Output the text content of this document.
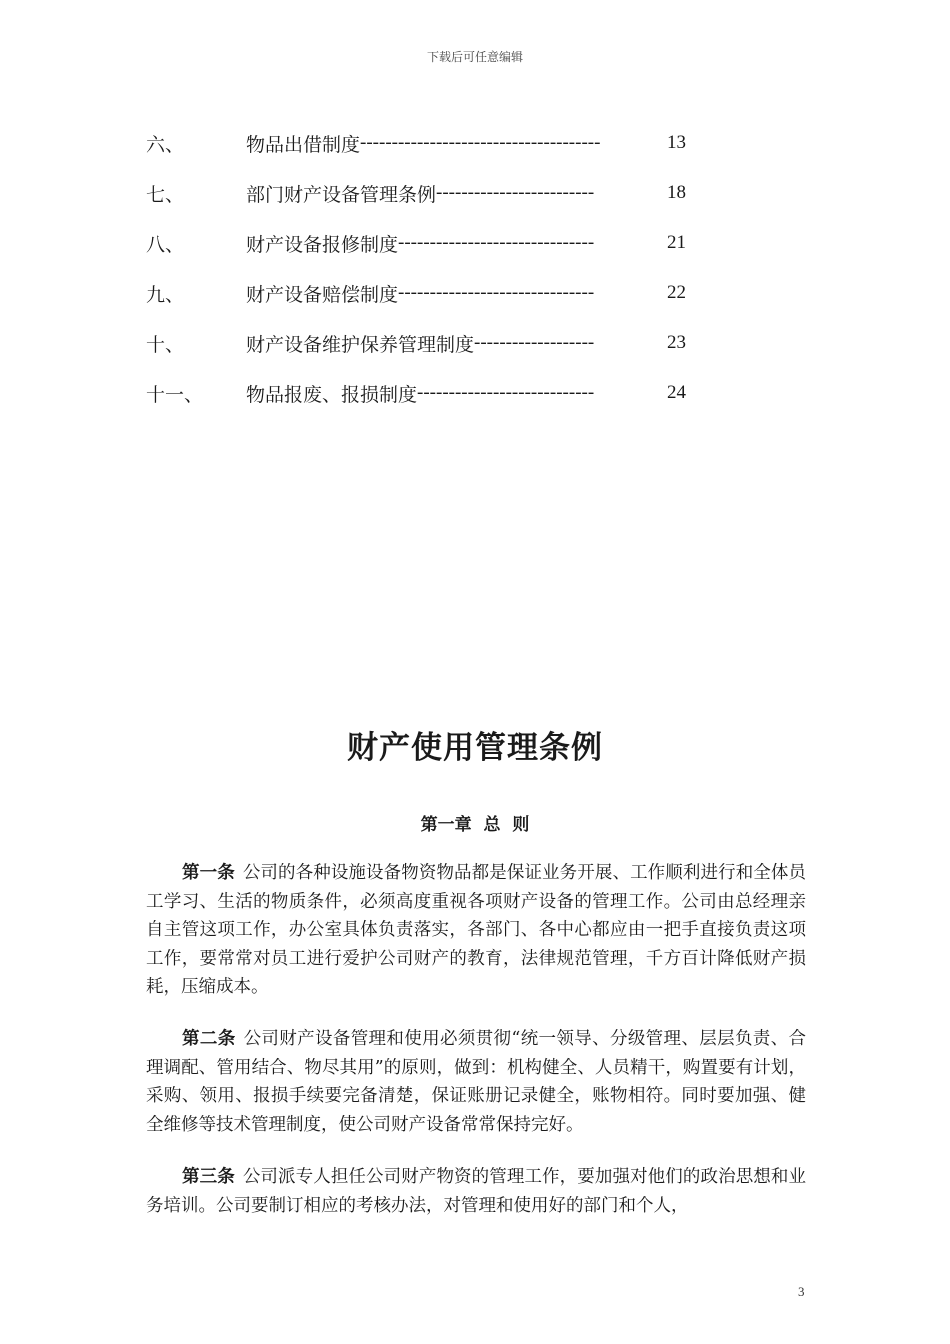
下载后可任意编辑
六、	物品出借制度 --------------------------------------	13
七、	部门财产设备管理条例 -------------------------	18
八、	财产设备报修制度 -------------------------------	21
九、	财产设备赔偿制度 -------------------------------	22
十、	财产设备维护保养管理制度 -------------------	23
十一、	物品报废、报损制度 ----------------------------	24
财产使用管理条例
第一章 总 则

第一条 公司的各种设施设备物资物品都是保证业务开展、工作顺利进行和全体员工学习、生活的物质条件，必须高度重视各项财产设备的管理工作。公司由总经理亲自主管这项工作，办公室具体负责落实，各部门、各中心都应由一把手直接负责这项工作，要常常对员工进行爱护公司财产的教育，法律规范管理，千方百计降低财产损耗，压缩成本。

第二条 公司财产设备管理和使用必须贯彻“统一领导、分级管理、层层负责、合理调配、管用结合、物尽其用”的原则，做到：机构健全、人员精干，购置要有计划，采购、领用、报损手续要完备清楚，保证账册记录健全，账物相符。同时要加强、健全维修等技术管理制度，使公司财产设备常常保持完好。

第三条 公司派专人担任公司财产物资的管理工作，要加强对他们的政治思想和业务培训。公司要制订相应的考核办法，对管理和使用好的部门和个人，

3
